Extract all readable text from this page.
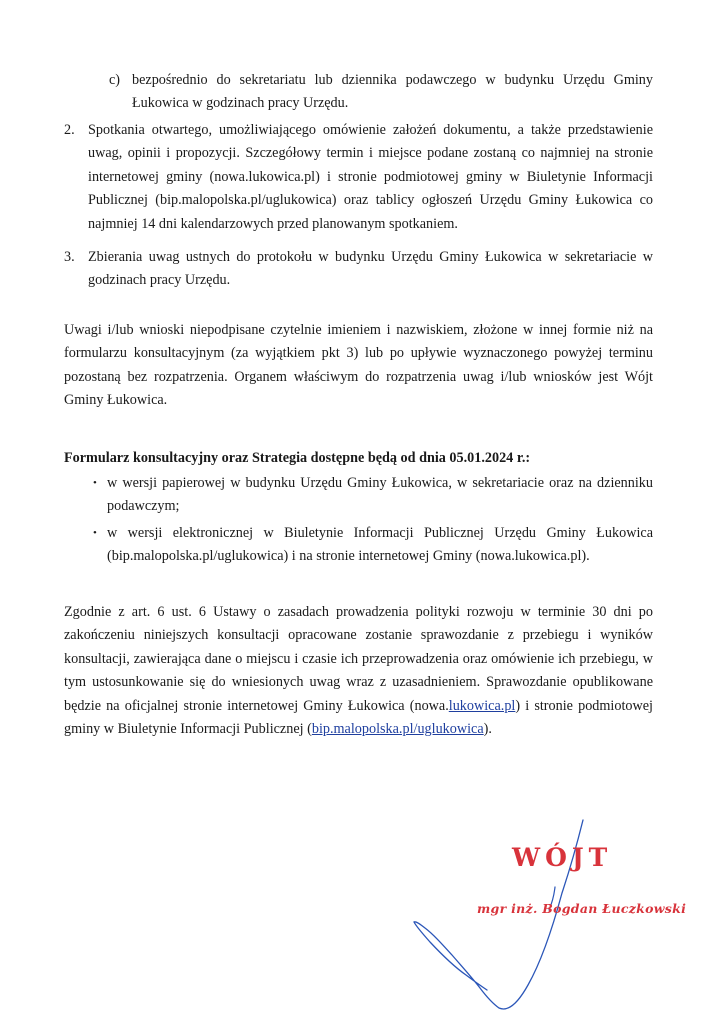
c) bezpośrednio do sekretariatu lub dziennika podawczego w budynku Urzędu Gminy Łukowica w godzinach pracy Urzędu.
2. Spotkania otwartego, umożliwiającego omówienie założeń dokumentu, a także przedstawienie uwag, opinii i propozycji. Szczegółowy termin i miejsce podane zostaną co najmniej na stronie internetowej gminy (nowa.lukowica.pl) i stronie podmiotowej gminy w Biuletynie Informacji Publicznej (bip.malopolska.pl/uglukowica) oraz tablicy ogłoszeń Urzędu Gminy Łukowica co najmniej 14 dni kalendarzowych przed planowanym spotkaniem.
3. Zbierania uwag ustnych do protokołu w budynku Urzędu Gminy Łukowica w sekretariacie w godzinach pracy Urzędu.
Uwagi i/lub wnioski niepodpisane czytelnie imieniem i nazwiskiem, złożone w innej formie niż na formularzu konsultacyjnym (za wyjątkiem pkt 3) lub po upływie wyznaczonego powyżej terminu pozostaną bez rozpatrzenia. Organem właściwym do rozpatrzenia uwag i/lub wniosków jest Wójt Gminy Łukowica.
Formularz konsultacyjny oraz Strategia dostępne będą od dnia 05.01.2024 r.:
• w wersji papierowej w budynku Urzędu Gminy Łukowica, w sekretariacie oraz na dzienniku podawczym;
• w wersji elektronicznej w Biuletynie Informacji Publicznej Urzędu Gminy Łukowica (bip.malopolska.pl/uglukowica) i na stronie internetowej Gminy (nowa.lukowica.pl).
Zgodnie z art. 6 ust. 6 Ustawy o zasadach prowadzenia polityki rozwoju w terminie 30 dni po zakończeniu niniejszych konsultacji opracowane zostanie sprawozdanie z przebiegu i wyników konsultacji, zawierająca dane o miejscu i czasie ich przeprowadzenia oraz omówienie ich przebiegu, w tym ustosunkowanie się do wniesionych uwag wraz z uzasadnieniem. Sprawozdanie opublikowane będzie na oficjalnej stronie internetowej Gminy Łukowica (nowa.lukowica.pl) i stronie podmiotowej gminy w Biuletynie Informacji Publicznej (bip.malopolska.pl/uglukowica).
WÓJT
mgr inż. Bogdan Łuczkowski
